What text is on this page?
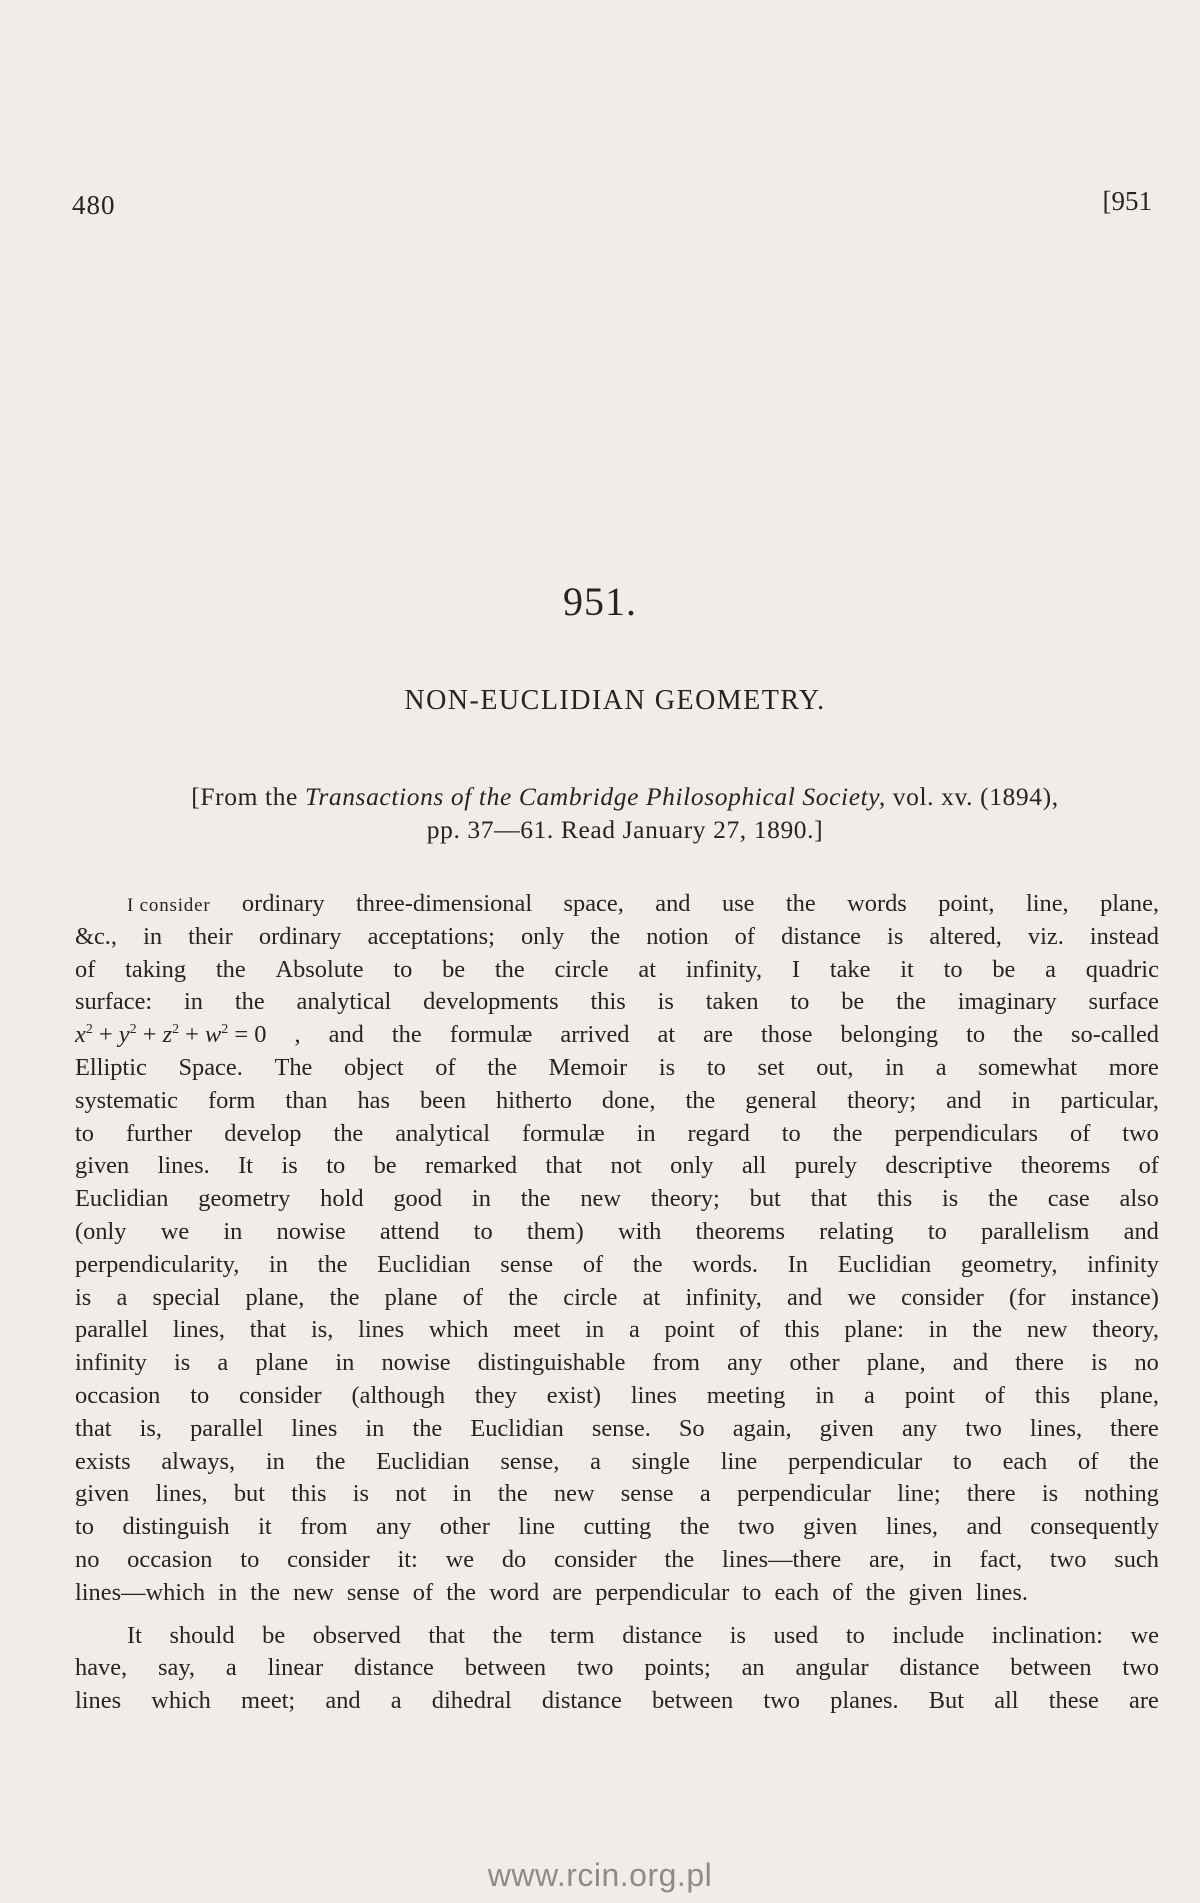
480	[951
951.
NON-EUCLIDIAN GEOMETRY.
[From the Transactions of the Cambridge Philosophical Society, vol. xv. (1894),
pp. 37—61. Read January 27, 1890.]
I consider ordinary three-dimensional space, and use the words point, line, plane,
&c., in their ordinary acceptations; only the notion of distance is altered, viz. instead
of taking the Absolute to be the circle at infinity, I take it to be a quadric
surface: in the analytical developments this is taken to be the imaginary surface
$x^2 + y^2 + z^2 + w^2 = 0$ , and the formulæ arrived at are those belonging to the so-called
Elliptic Space. The object of the Memoir is to set out, in a somewhat more
systematic form than has been hitherto done, the general theory; and in particular,
to further develop the analytical formulæ in regard to the perpendiculars of two
given lines. It is to be remarked that not only all purely descriptive theorems of
Euclidian geometry hold good in the new theory; but that this is the case also
(only we in nowise attend to them) with theorems relating to parallelism and
perpendicularity, in the Euclidian sense of the words. In Euclidian geometry, infinity
is a special plane, the plane of the circle at infinity, and we consider (for instance)
parallel lines, that is, lines which meet in a point of this plane: in the new theory,
infinity is a plane in nowise distinguishable from any other plane, and there is no
occasion to consider (although they exist) lines meeting in a point of this plane,
that is, parallel lines in the Euclidian sense. So again, given any two lines, there
exists always, in the Euclidian sense, a single line perpendicular to each of the
given lines, but this is not in the new sense a perpendicular line; there is nothing
to distinguish it from any other line cutting the two given lines, and consequently
no occasion to consider it: we do consider the lines—there are, in fact, two such
lines—which in the new sense of the word are perpendicular to each of the given lines.
It should be observed that the term distance is used to include inclination: we
have, say, a linear distance between two points; an angular distance between two
lines which meet; and a dihedral distance between two planes. But all these are
www.rcin.org.pl
